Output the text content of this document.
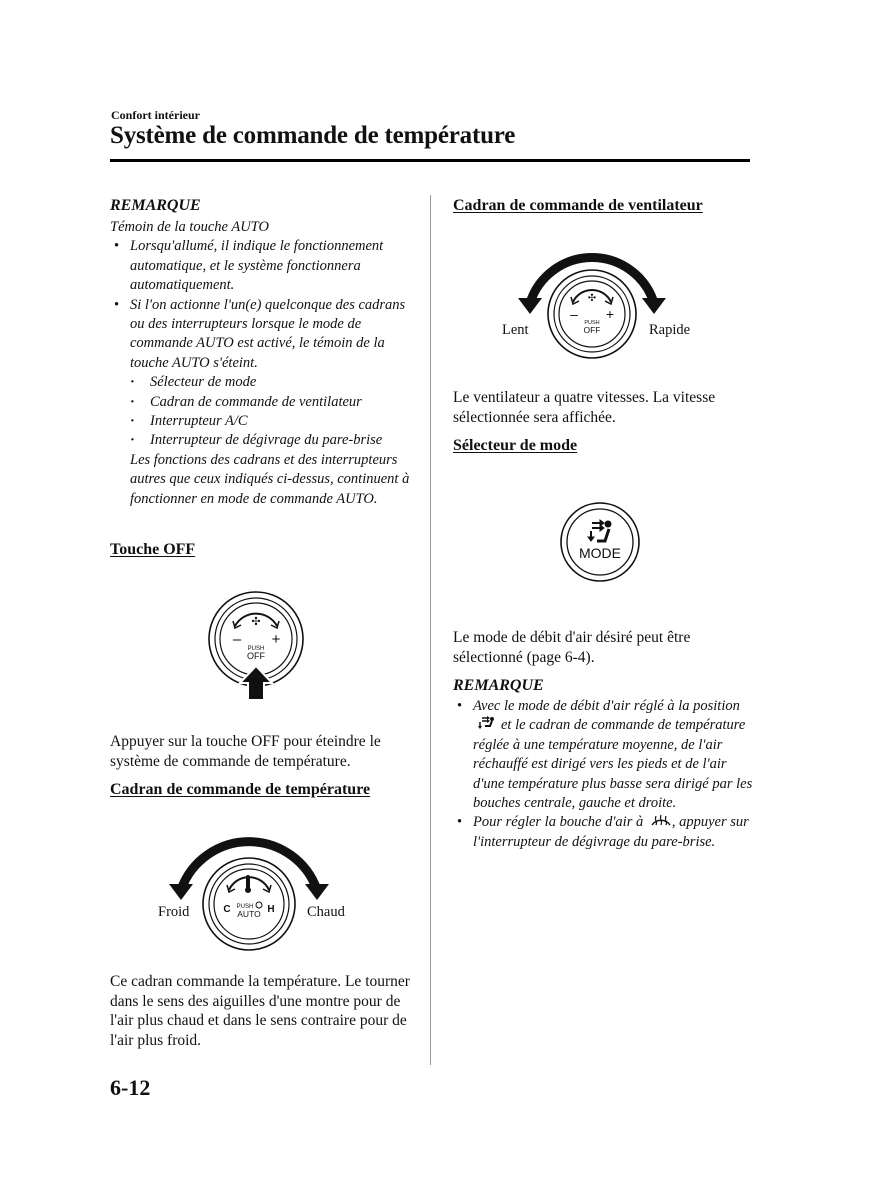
Confort intérieur
Système de commande de température
REMARQUE
Témoin de la touche AUTO
• Lorsqu'allumé, il indique le fonctionnement automatique, et le système fonctionnera automatiquement.
• Si l'on actionne l'un(e) quelconque des cadrans ou des interrupteurs lorsque le mode de commande AUTO est activé, le témoin de la touche AUTO s'éteint.
· Sélecteur de mode
· Cadran de commande de ventilateur
· Interrupteur A/C
· Interrupteur de dégivrage du pare-brise
Les fonctions des cadrans et des interrupteurs autres que ceux indiqués ci-dessus, continuent à fonctionner en mode de commande AUTO.
Touche OFF
✣
– +
PUSH
OFF
Appuyer sur la touche OFF pour éteindre le système de commande de température.
Cadran de commande de température
C	H
PUSH
AUTO
Froid	Chaud
Ce cadran commande la température. Le tourner dans le sens des aiguilles d'une montre pour de l'air plus chaud et dans le sens contraire pour de l'air plus froid.
6-12
Cadran de commande de ventilateur
✣
– +
PUSH
OFF
Lent	Rapide
Le ventilateur a quatre vitesses. La vitesse sélectionnée sera affichée.
Sélecteur de mode
MODE
Le mode de débit d'air désiré peut être sélectionné (page 6-4).
REMARQUE
• Avec le mode de débit d'air réglé à la position et le cadran de commande de température réglée à une température moyenne, de l'air réchauffé est dirigé vers les pieds et de l'air d'une température plus basse sera dirigé par les bouches centrale, gauche et droite.
• Pour régler la bouche d'air à , appuyer sur l'interrupteur de dégivrage du pare-brise.
